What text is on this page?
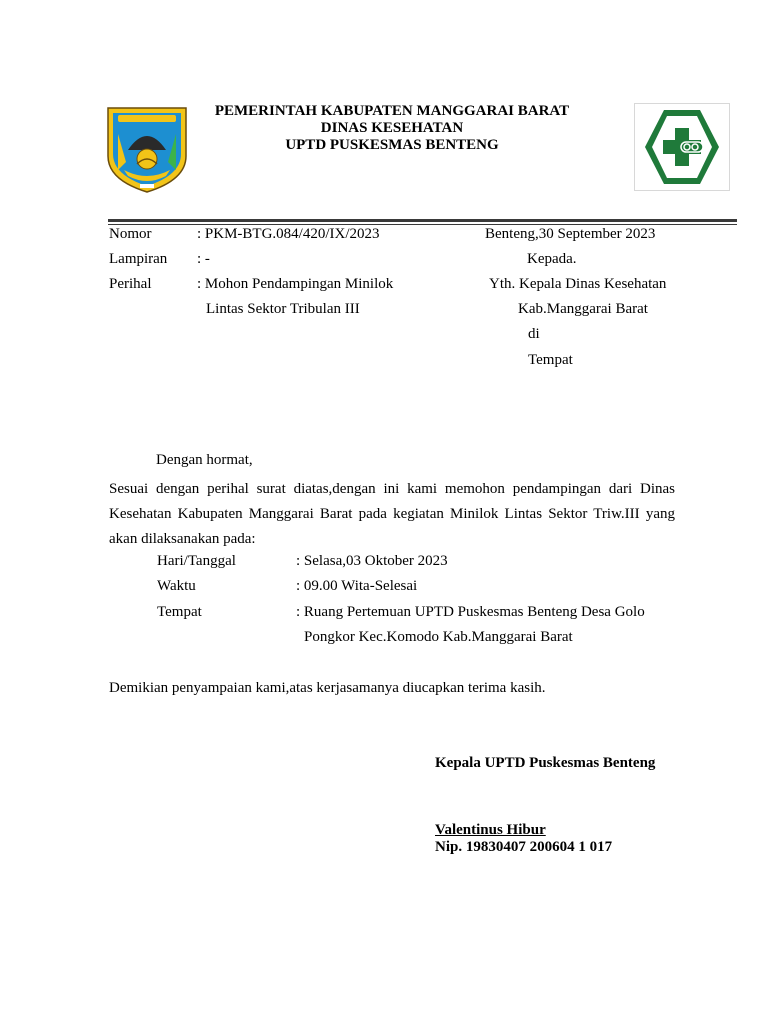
PEMERINTAH KABUPATEN MANGGARAI BARAT
DINAS KESEHATAN
UPTD PUSKESMAS BENTENG
Nomor	: PKM-BTG.084/420/IX/2023
Lampiran : -
Perihal	: Mohon Pendampingan Minilok
Lintas Sektor Tribulan III
Benteng,30 September 2023
Kepada.
Yth. Kepala Dinas Kesehatan
Kab.Manggarai Barat
di
Tempat
Dengan hormat,
Sesuai dengan perihal surat diatas,dengan ini kami memohon pendampingan dari Dinas
Kesehatan Kabupaten Manggarai Barat pada kegiatan Minilok Lintas Sektor Triw.III yang
akan dilaksanakan pada:
Hari/Tanggal	: Selasa,03 Oktober 2023
Waktu	: 09.00 Wita-Selesai
Tempat	: Ruang Pertemuan UPTD Puskesmas Benteng Desa Golo
Pongkor Kec.Komodo Kab.Manggarai Barat
Demikian penyampaian kami,atas kerjasamanya diucapkan terima kasih.
Kepala UPTD Puskesmas Benteng
Valentinus Hibur
Nip. 19830407 200604 1 017
